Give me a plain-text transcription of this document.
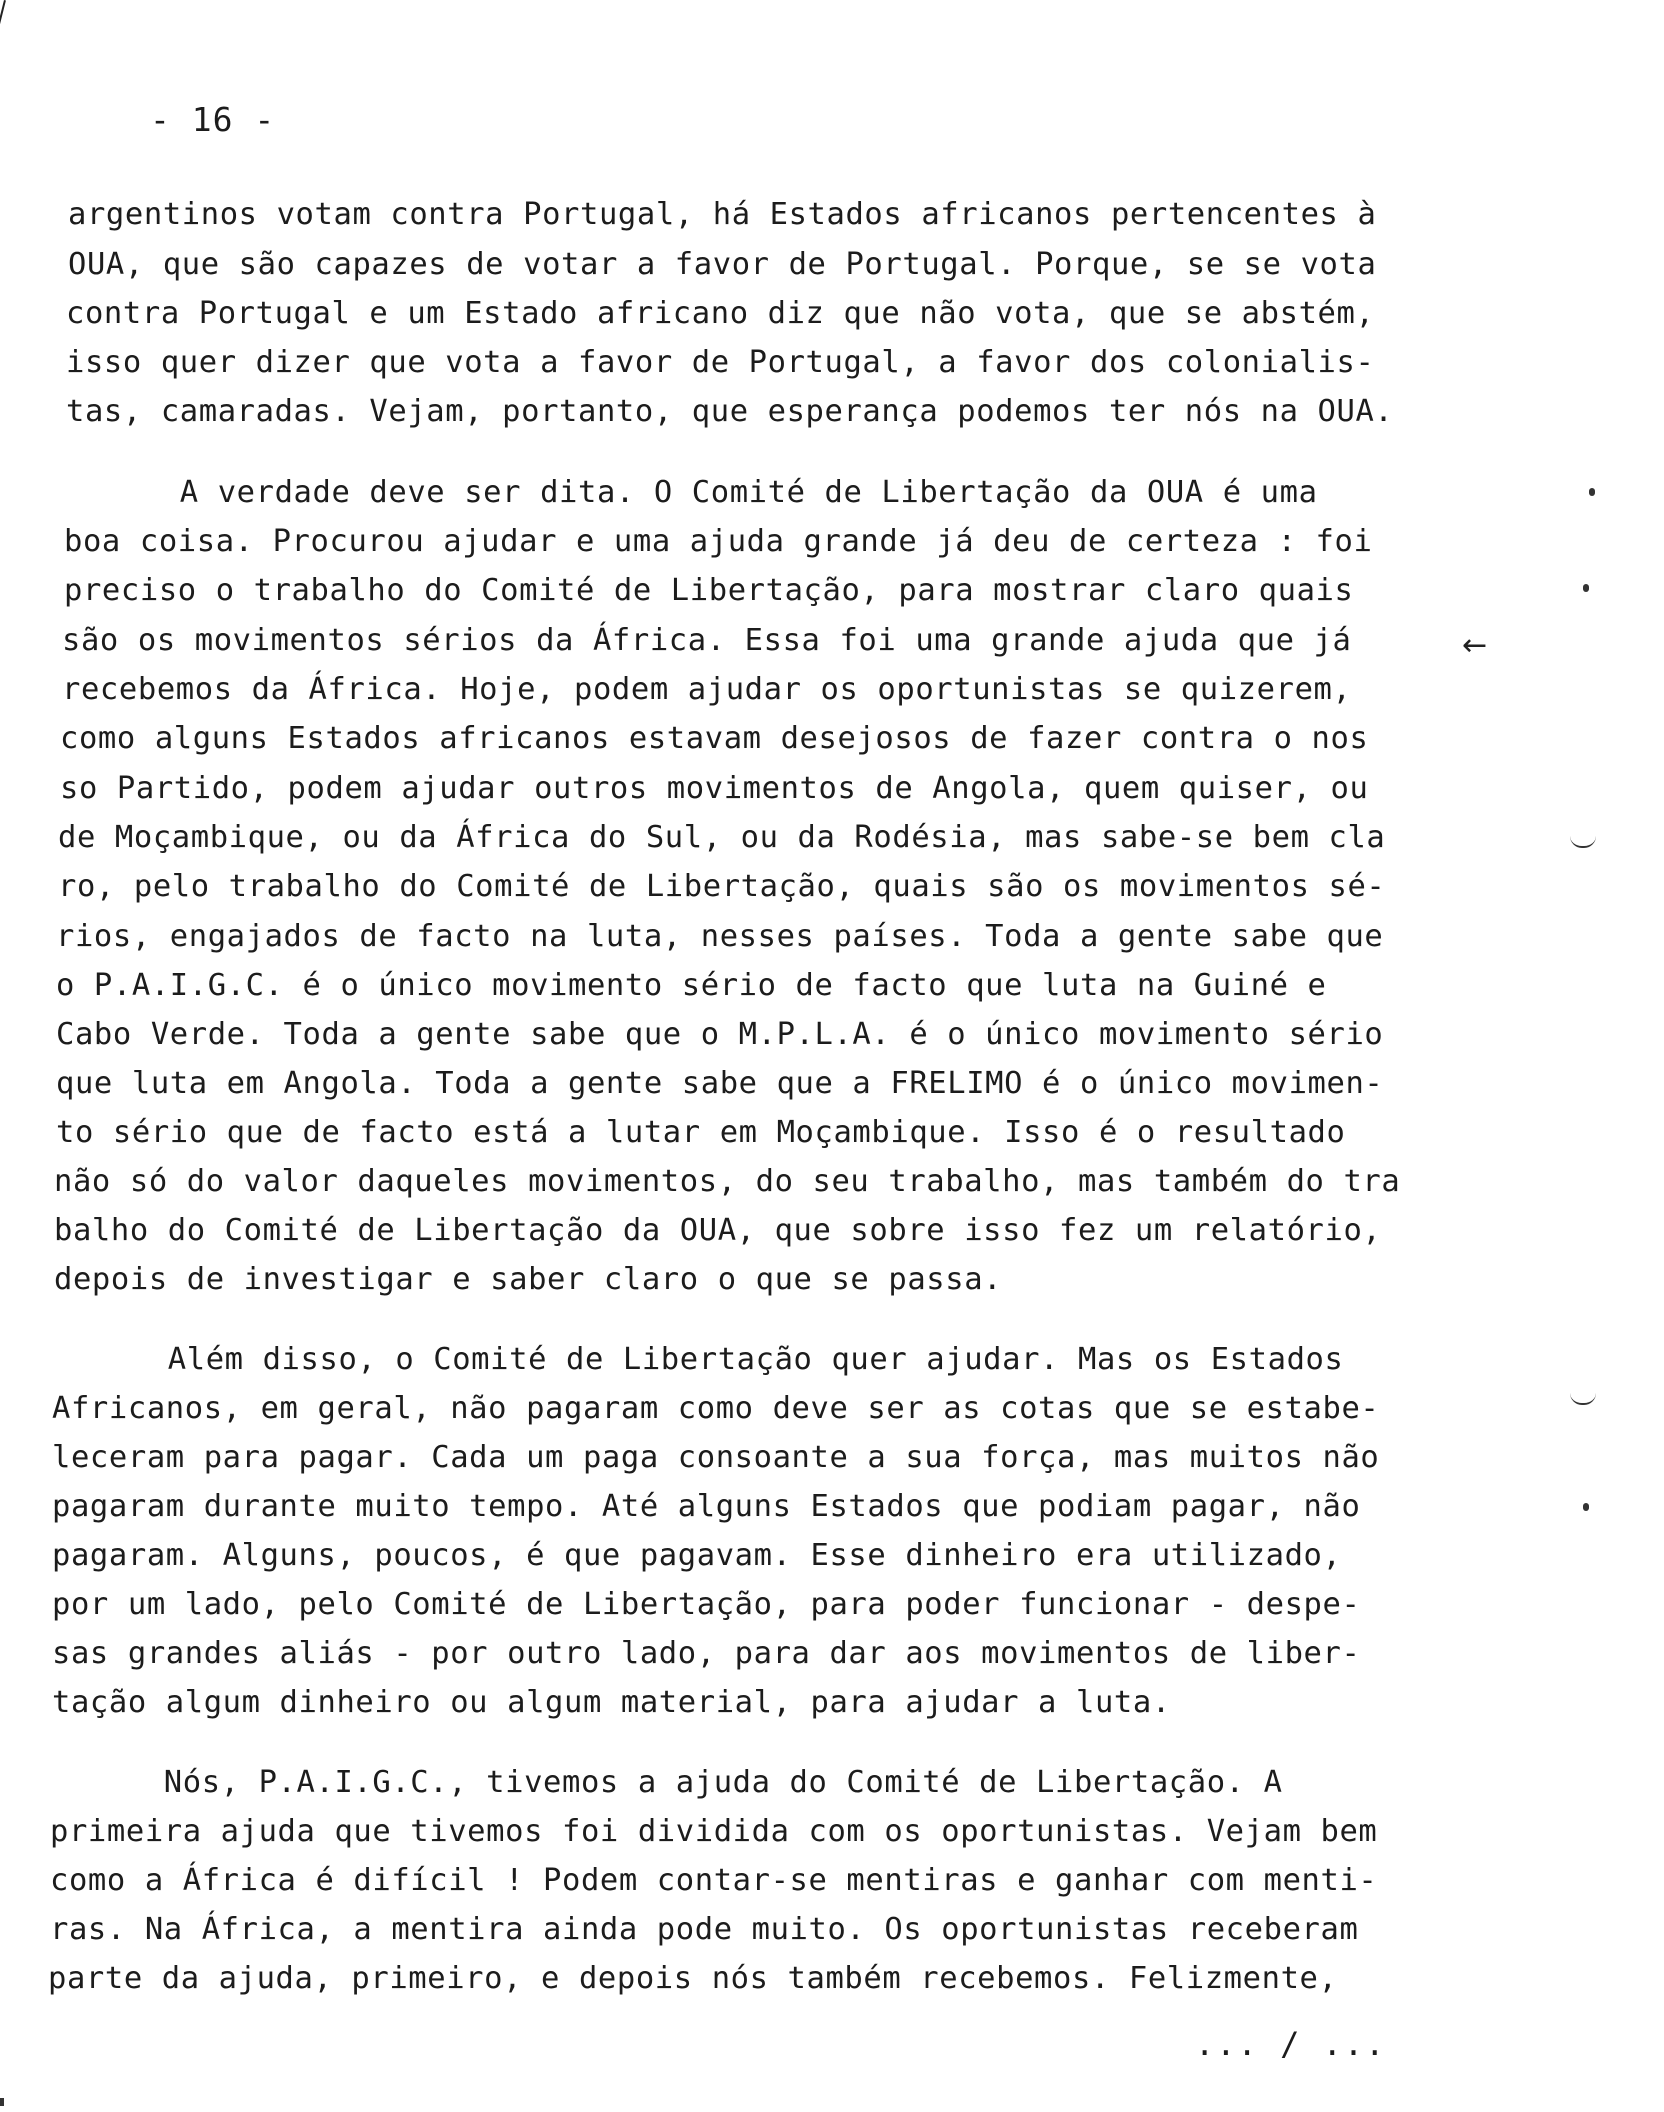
- 16 -
argentinos votam contra Portugal, há Estados africanos pertencentes à
OUA, que são capazes de votar a favor de Portugal. Porque, se se vota
contra Portugal e um Estado africano diz que não vota, que se abstém,
isso quer dizer que vota a favor de Portugal, a favor dos colonialis-
tas, camaradas. Vejam, portanto, que esperança podemos ter nós na OUA.
A verdade deve ser dita. O Comité de Libertação da OUA é uma
boa coisa. Procurou ajudar e uma ajuda grande já deu de certeza : foi
preciso o trabalho do Comité de Libertação, para mostrar claro quais
são os movimentos sérios da África. Essa foi uma grande ajuda que já
recebemos da África. Hoje, podem ajudar os oportunistas se quizerem,
como alguns Estados africanos estavam desejosos de fazer contra o nos
so Partido, podem ajudar outros movimentos de Angola, quem quiser, ou
de Moçambique, ou da África do Sul, ou da Rodésia, mas sabe-se bem cla
ro, pelo trabalho do Comité de Libertação, quais são os movimentos sé-
rios, engajados de facto na luta, nesses países. Toda a gente sabe que
o P.A.I.G.C. é o único movimento sério de facto que luta na Guiné e
Cabo Verde. Toda a gente sabe que o M.P.L.A. é o único movimento sério
que luta em Angola. Toda a gente sabe que a FRELIMO é o único movimen-
to sério que de facto está a lutar em Moçambique. Isso é o resultado
não só do valor daqueles movimentos, do seu trabalho, mas também do tra
balho do Comité de Libertação da OUA, que sobre isso fez um relatório,
depois de investigar e saber claro o que se passa.
Além disso, o Comité de Libertação quer ajudar. Mas os Estados
Africanos, em geral, não pagaram como deve ser as cotas que se estabe-
leceram para pagar. Cada um paga consoante a sua força, mas muitos não
pagaram durante muito tempo. Até alguns Estados que podiam pagar, não
pagaram. Alguns, poucos, é que pagavam. Esse dinheiro era utilizado,
por um lado, pelo Comité de Libertação, para poder funcionar - despe-
sas grandes aliás - por outro lado, para dar aos movimentos de liber-
tação algum dinheiro ou algum material, para ajudar a luta.
Nós, P.A.I.G.C., tivemos a ajuda do Comité de Libertação. A
primeira ajuda que tivemos foi dividida com os oportunistas. Vejam bem
como a África é difícil ! Podem contar-se mentiras e ganhar com menti-
ras. Na África, a mentira ainda pode muito. Os oportunistas receberam
parte da ajuda, primeiro, e depois nós também recebemos. Felizmente,
... / ...
←
